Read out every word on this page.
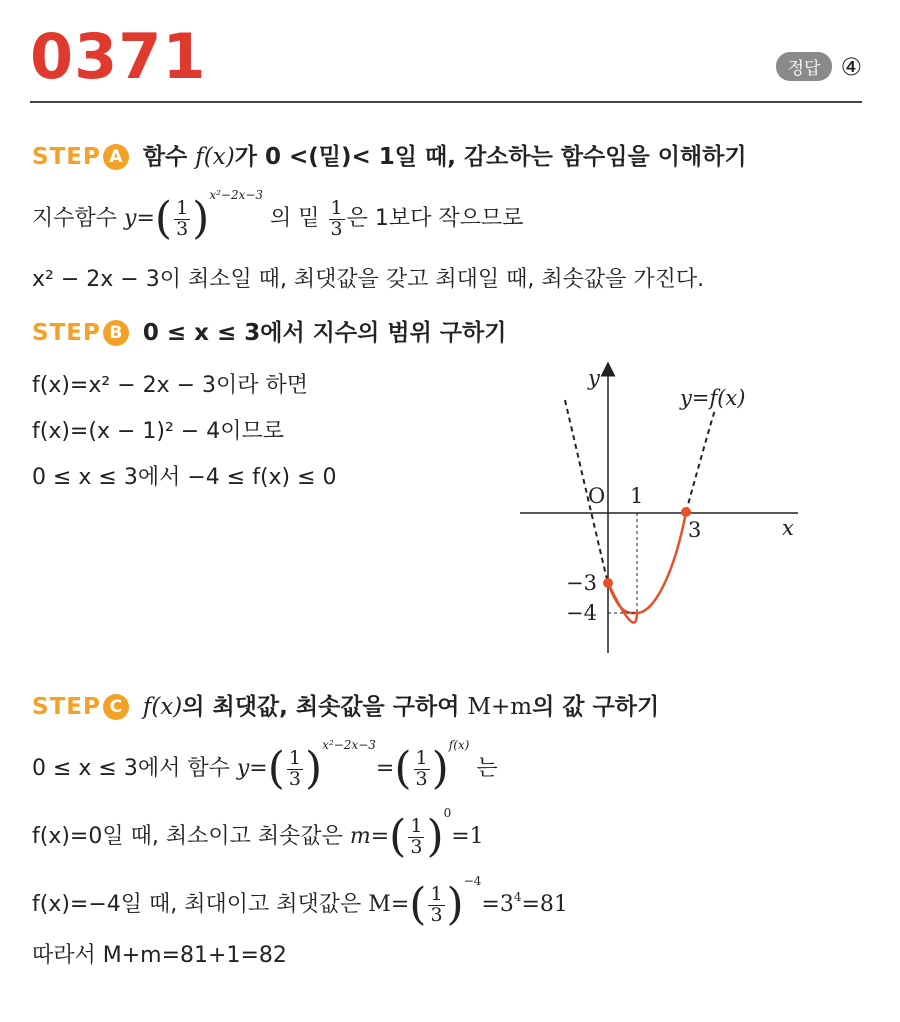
0371	정답 ④
STEP A 함수 f(x)가 0 <(밑)< 1일 때, 감소하는 함수임을 이해하기
지수함수 $y=( \frac{1}{3} )^{x^2-2x-3}$ 의 밑 $\frac{1}{3}$ 은 1보다 작으므로
x² − 2x − 3이 최소일 때, 최댓값을 갖고 최대일 때, 최솟값을 가진다.
STEP B 0 ≤ x ≤ 3에서 지수의 범위 구하기
f(x)=x² − 2x − 3이라 하면
f(x)=(x − 1)² − 4이므로
0 ≤ x ≤ 3에서 −4 ≤ f(x) ≤ 0
y
x
O 1
3
−3
−4
y=f(x)
STEP C f(x)의 최댓값, 최솟값을 구하여 M+m의 값 구하기
0 ≤ x ≤ 3에서 함수 $y=( \frac{1}{3} )^{x^2-2x-3}=( \frac{1}{3} )^{f(x)}$ 는
f(x)=0일 때, 최소이고 최솟값은 $m=( \frac{1}{3} )^0=1$
f(x)=−4일 때, 최대이고 최댓값은 $M=( \frac{1}{3} )^{-4}=3^4=81$
따라서 M+m=81+1=82
